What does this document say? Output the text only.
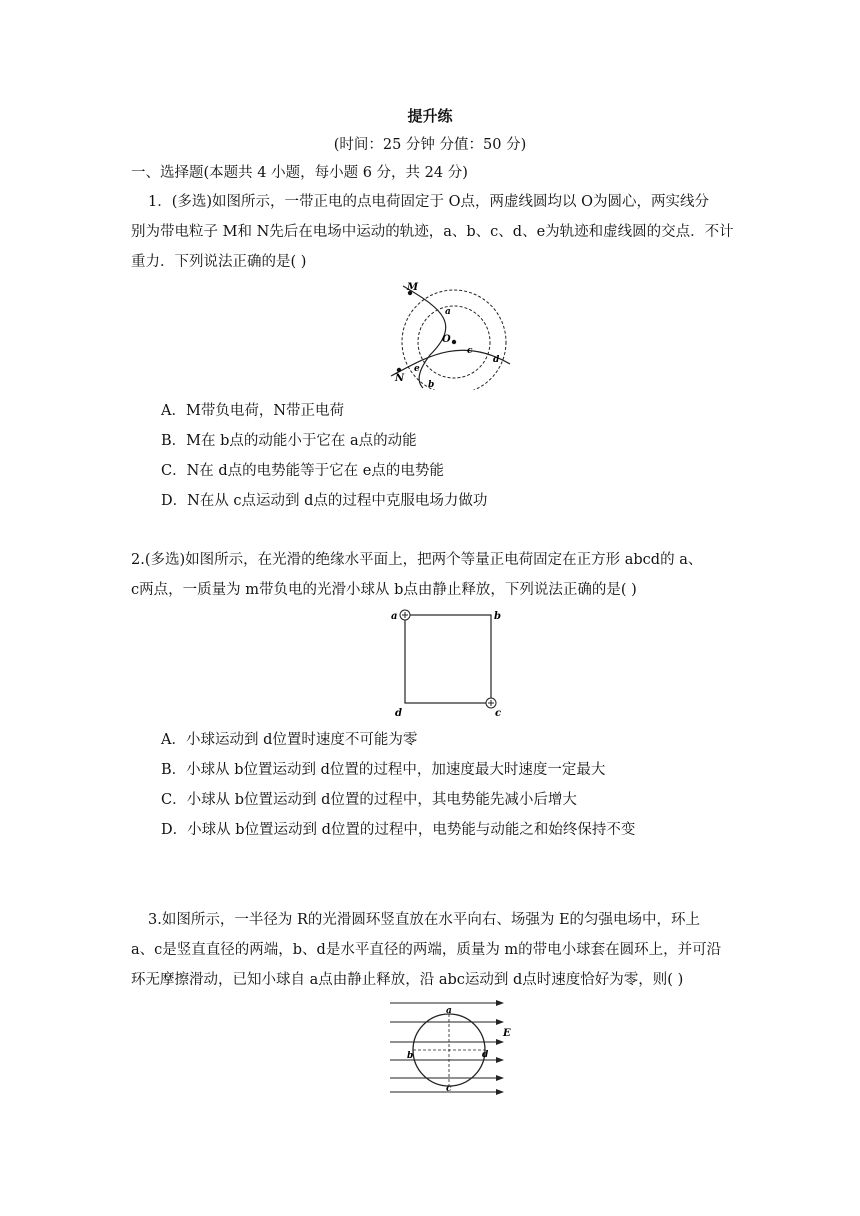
提升练
(时间：25 分钟 分值：50 分)
一、选择题(本题共 4 小题，每小题 6 分，共 24 分)
1．(多选)如图所示，一带正电的点电荷固定于 O点，两虚线圆均以 O为圆心，两实线分
别为带电粒子 M和 N先后在电场中运动的轨迹，a、b、c、d、e为轨迹和虚线圆的交点．不计
重力．下列说法正确的是( )
M
N
O
a
b
c
d
e
A．M带负电荷，N带正电荷
B．M在 b点的动能小于它在 a点的动能
C．N在 d点的电势能等于它在 e点的电势能
D．N在从 c点运动到 d点的过程中克服电场力做功
2.(多选)如图所示，在光滑的绝缘水平面上，把两个等量正电荷固定在正方形 abcd的 a、
c两点，一质量为 m带负电的光滑小球从 b点由静止释放，下列说法正确的是( )
a	b
c
d
A．小球运动到 d位置时速度不可能为零
B．小球从 b位置运动到 d位置的过程中，加速度最大时速度一定最大
C．小球从 b位置运动到 d位置的过程中，其电势能先减小后增大
D．小球从 b位置运动到 d位置的过程中，电势能与动能之和始终保持不变
3.如图所示，一半径为 R的光滑圆环竖直放在水平向右、场强为 E的匀强电场中，环上
a、c是竖直直径的两端，b、d是水平直径的两端，质量为 m的带电小球套在圆环上，并可沿
环无摩擦滑动，已知小球自 a点由静止释放，沿 abc运动到 d点时速度恰好为零，则( )
a
b
c
d
E
